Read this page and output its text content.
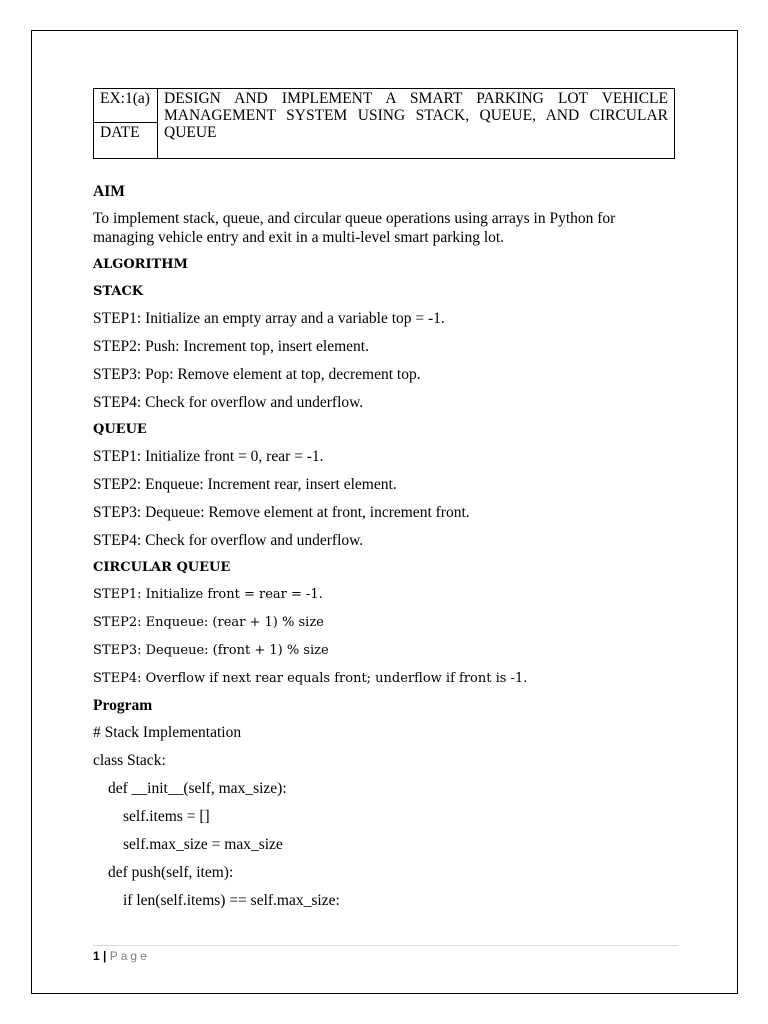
EX:1(a)	DESIGN AND IMPLEMENT A SMART PARKING LOT VEHICLE MANAGEMENT SYSTEM USING STACK, QUEUE, AND CIRCULAR QUEUE
DATE

AIM

To implement stack, queue, and circular queue operations using arrays in Python for

managing vehicle entry and exit in a multi-level smart parking lot.

ALGORITHM

STACK

STEP1: Initialize an empty array and a variable top = -1.

STEP2: Push: Increment top, insert element.

STEP3: Pop: Remove element at top, decrement top.

STEP4: Check for overflow and underflow.

QUEUE

STEP1: Initialize front = 0, rear = -1.

STEP2: Enqueue: Increment rear, insert element.

STEP3: Dequeue: Remove element at front, increment front.

STEP4: Check for overflow and underflow.

CIRCULAR QUEUE

STEP1: Initialize front = rear = -1.

STEP2: Enqueue: (rear + 1) % size

STEP3: Dequeue: (front + 1) % size

STEP4: Overflow if next rear equals front; underflow if front is -1.

Program

# Stack Implementation

class Stack:

def __init__(self, max_size):

self.items = []

self.max_size = max_size

def push(self, item):

if len(self.items) == self.max_size:

1 | Page
